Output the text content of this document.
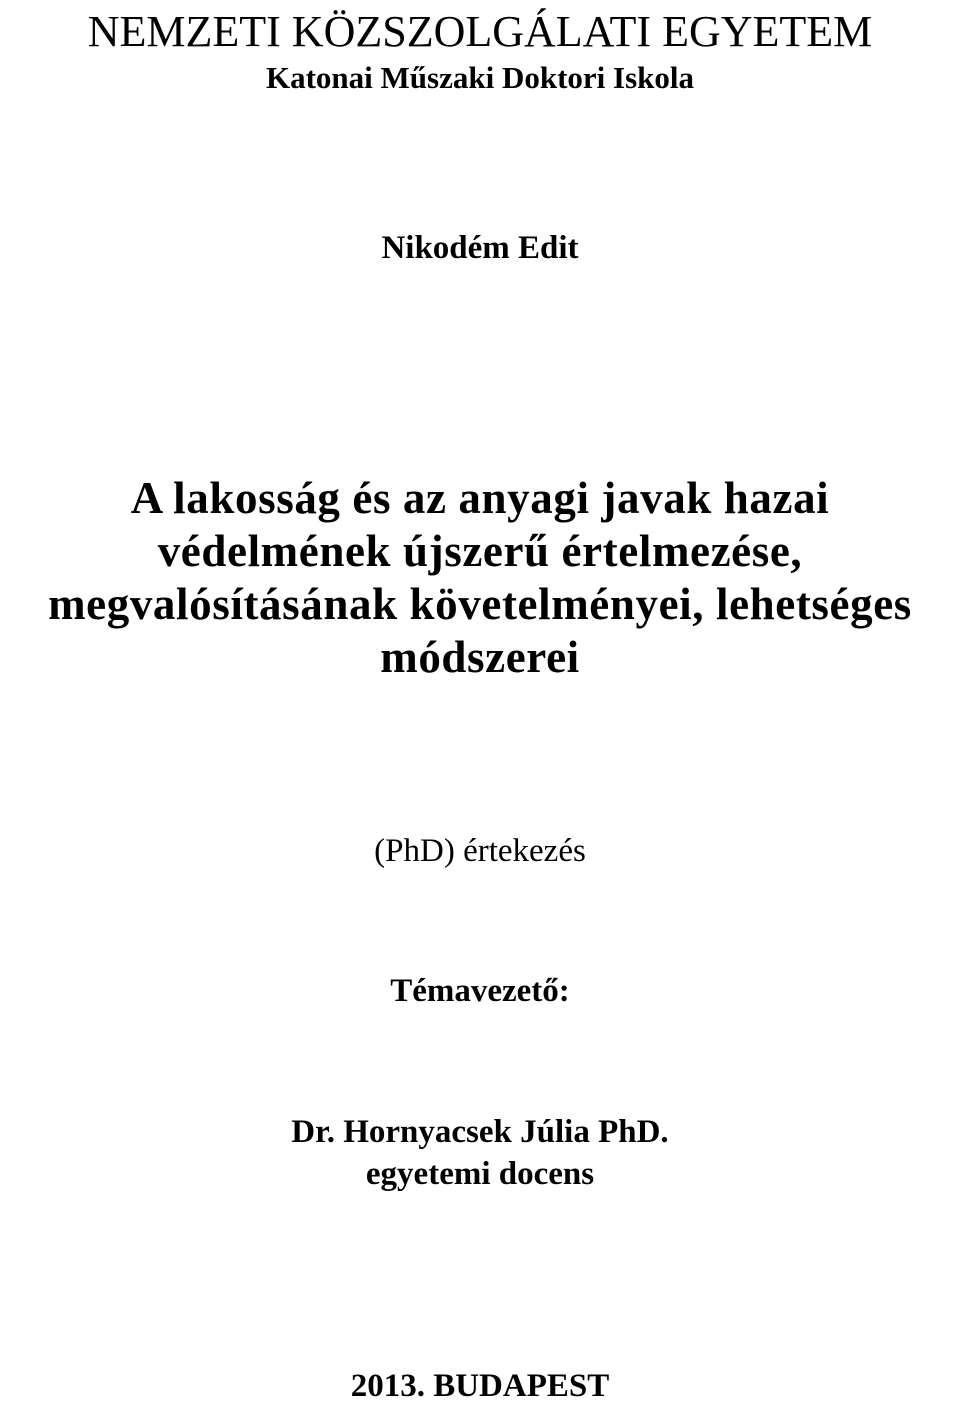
NEMZETI KÖZSZOLGÁLATI EGYETEM
Katonai Műszaki Doktori Iskola
Nikodém Edit
A lakosság és az anyagi javak hazai
védelmének újszerű értelmezése,
megvalósításának követelményei, lehetséges
módszerei
(PhD) értekezés
Témavezető:
Dr. Hornyacsek Júlia PhD.
egyetemi docens
2013. BUDAPEST
